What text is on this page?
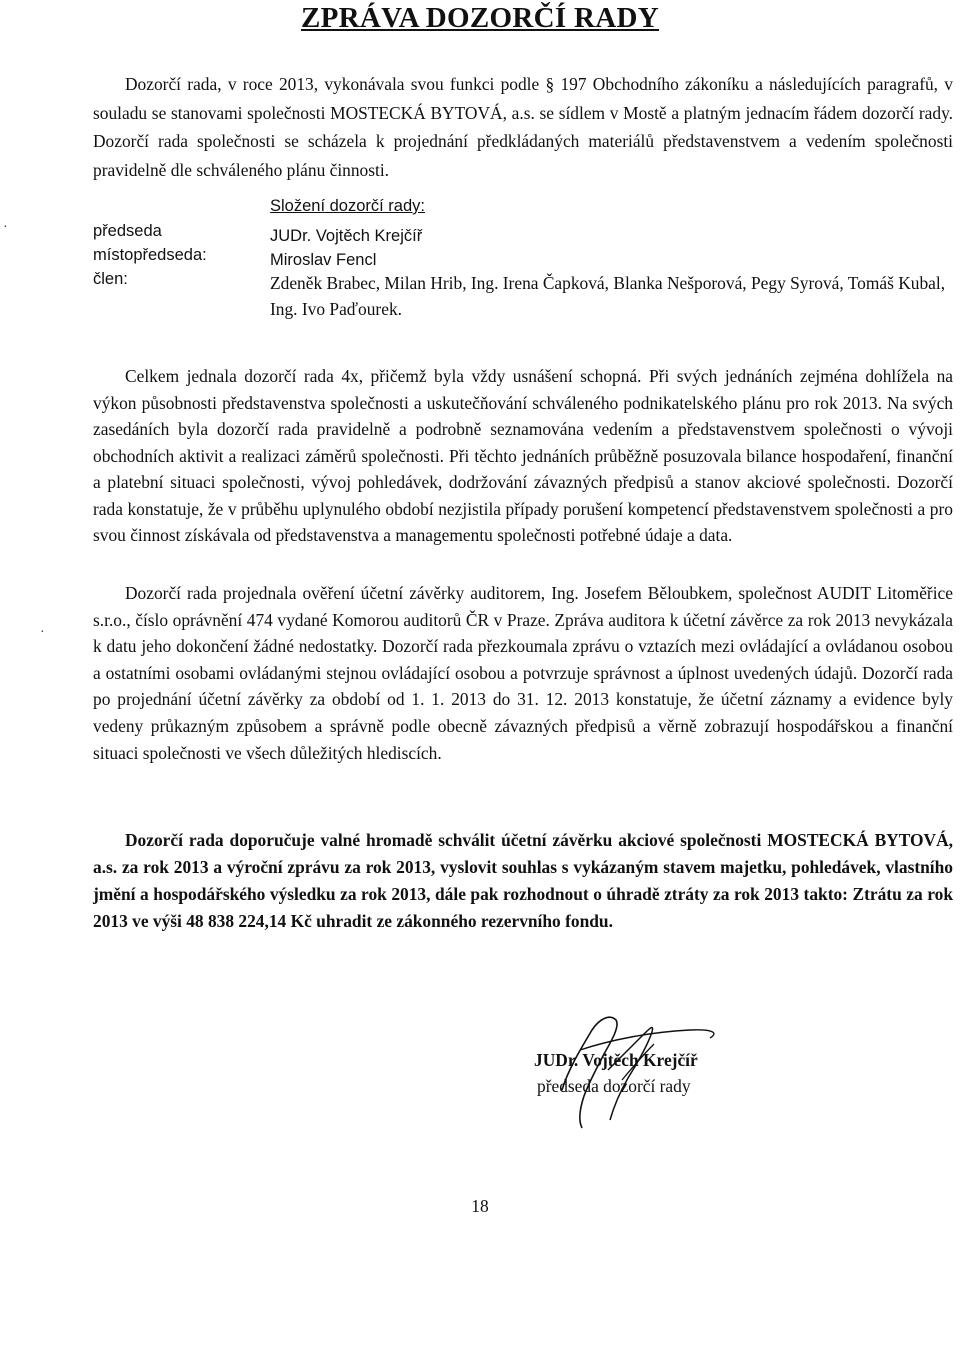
ZPRÁVA DOZORČÍ RADY
Dozorčí rada, v roce 2013, vykonávala svou funkci podle § 197 Obchodního zákoníku a následujících paragrafů, v souladu se stanovami společnosti MOSTECKÁ BYTOVÁ, a.s. se sídlem v Mostě a platným jednacím řádem dozorčí rady. Dozorčí rada společnosti se scházela k projednání předkládaných materiálů představenstvem a vedením společnosti pravidelně dle schváleného plánu činnosti.
Složení dozorčí rady:
předseda	JUDr. Vojtěch Krejčíř
místopředseda:	Miroslav Fencl
člen:	Zdeněk Brabec, Milan Hrib, Ing. Irena Čapková, Blanka Nešporová, Pegy Syrová, Tomáš Kubal, Ing. Ivo Paďourek.
Celkem jednala dozorčí rada 4x, přičemž byla vždy usnášení schopná. Při svých jednáních zejména dohlížela na výkon působnosti představenstva společnosti a uskutečňování schváleného podnikatelského plánu pro rok 2013. Na svých zasedáních byla dozorčí rada pravidelně a podrobně seznamována vedením a představenstvem společnosti o vývoji obchodních aktivit a realizaci záměrů společnosti. Při těchto jednáních průběžně posuzovala bilance hospodaření, finanční a platební situaci společnosti, vývoj pohledávek, dodržování závazných předpisů a stanov akciové společnosti. Dozorčí rada konstatuje, že v průběhu uplynulého období nezjistila případy porušení kompetencí představenstvem společnosti a pro svou činnost získávala od představenstva a managementu společnosti potřebné údaje a data.
Dozorčí rada projednala ověření účetní závěrky auditorem, Ing. Josefem Běloubkem, společnost AUDIT Litoměřice s.r.o., číslo oprávnění 474 vydané Komorou auditorů ČR v Praze. Zpráva auditora k účetní závěrce za rok 2013 nevykázala k datu jeho dokončení žádné nedostatky. Dozorčí rada přezkoumala zprávu o vztazích mezi ovládající a ovládanou osobou a ostatními osobami ovládanými stejnou ovládající osobou a potvrzuje správnost a úplnost uvedených údajů. Dozorčí rada po projednání účetní závěrky za období od 1. 1. 2013 do 31. 12. 2013 konstatuje, že účetní záznamy a evidence byly vedeny průkazným způsobem a správně podle obecně závazných předpisů a věrně zobrazují hospodářskou a finanční situaci společnosti ve všech důležitých hlediscích.
Dozorčí rada doporučuje valné hromadě schválit účetní závěrku akciové společnosti MOSTECKÁ BYTOVÁ, a.s. za rok 2013 a výroční zprávu za rok 2013, vyslovit souhlas s vykázaným stavem majetku, pohledávek, vlastního jmění a hospodářského výsledku za rok 2013, dále pak rozhodnout o úhradě ztráty za rok 2013 takto: Ztrátu za rok 2013 ve výši 48 838 224,14 Kč uhradit ze zákonného rezervního fondu.
JUDr. Vojtěch Krejčíř
předseda dozorčí rady
18
·
·
